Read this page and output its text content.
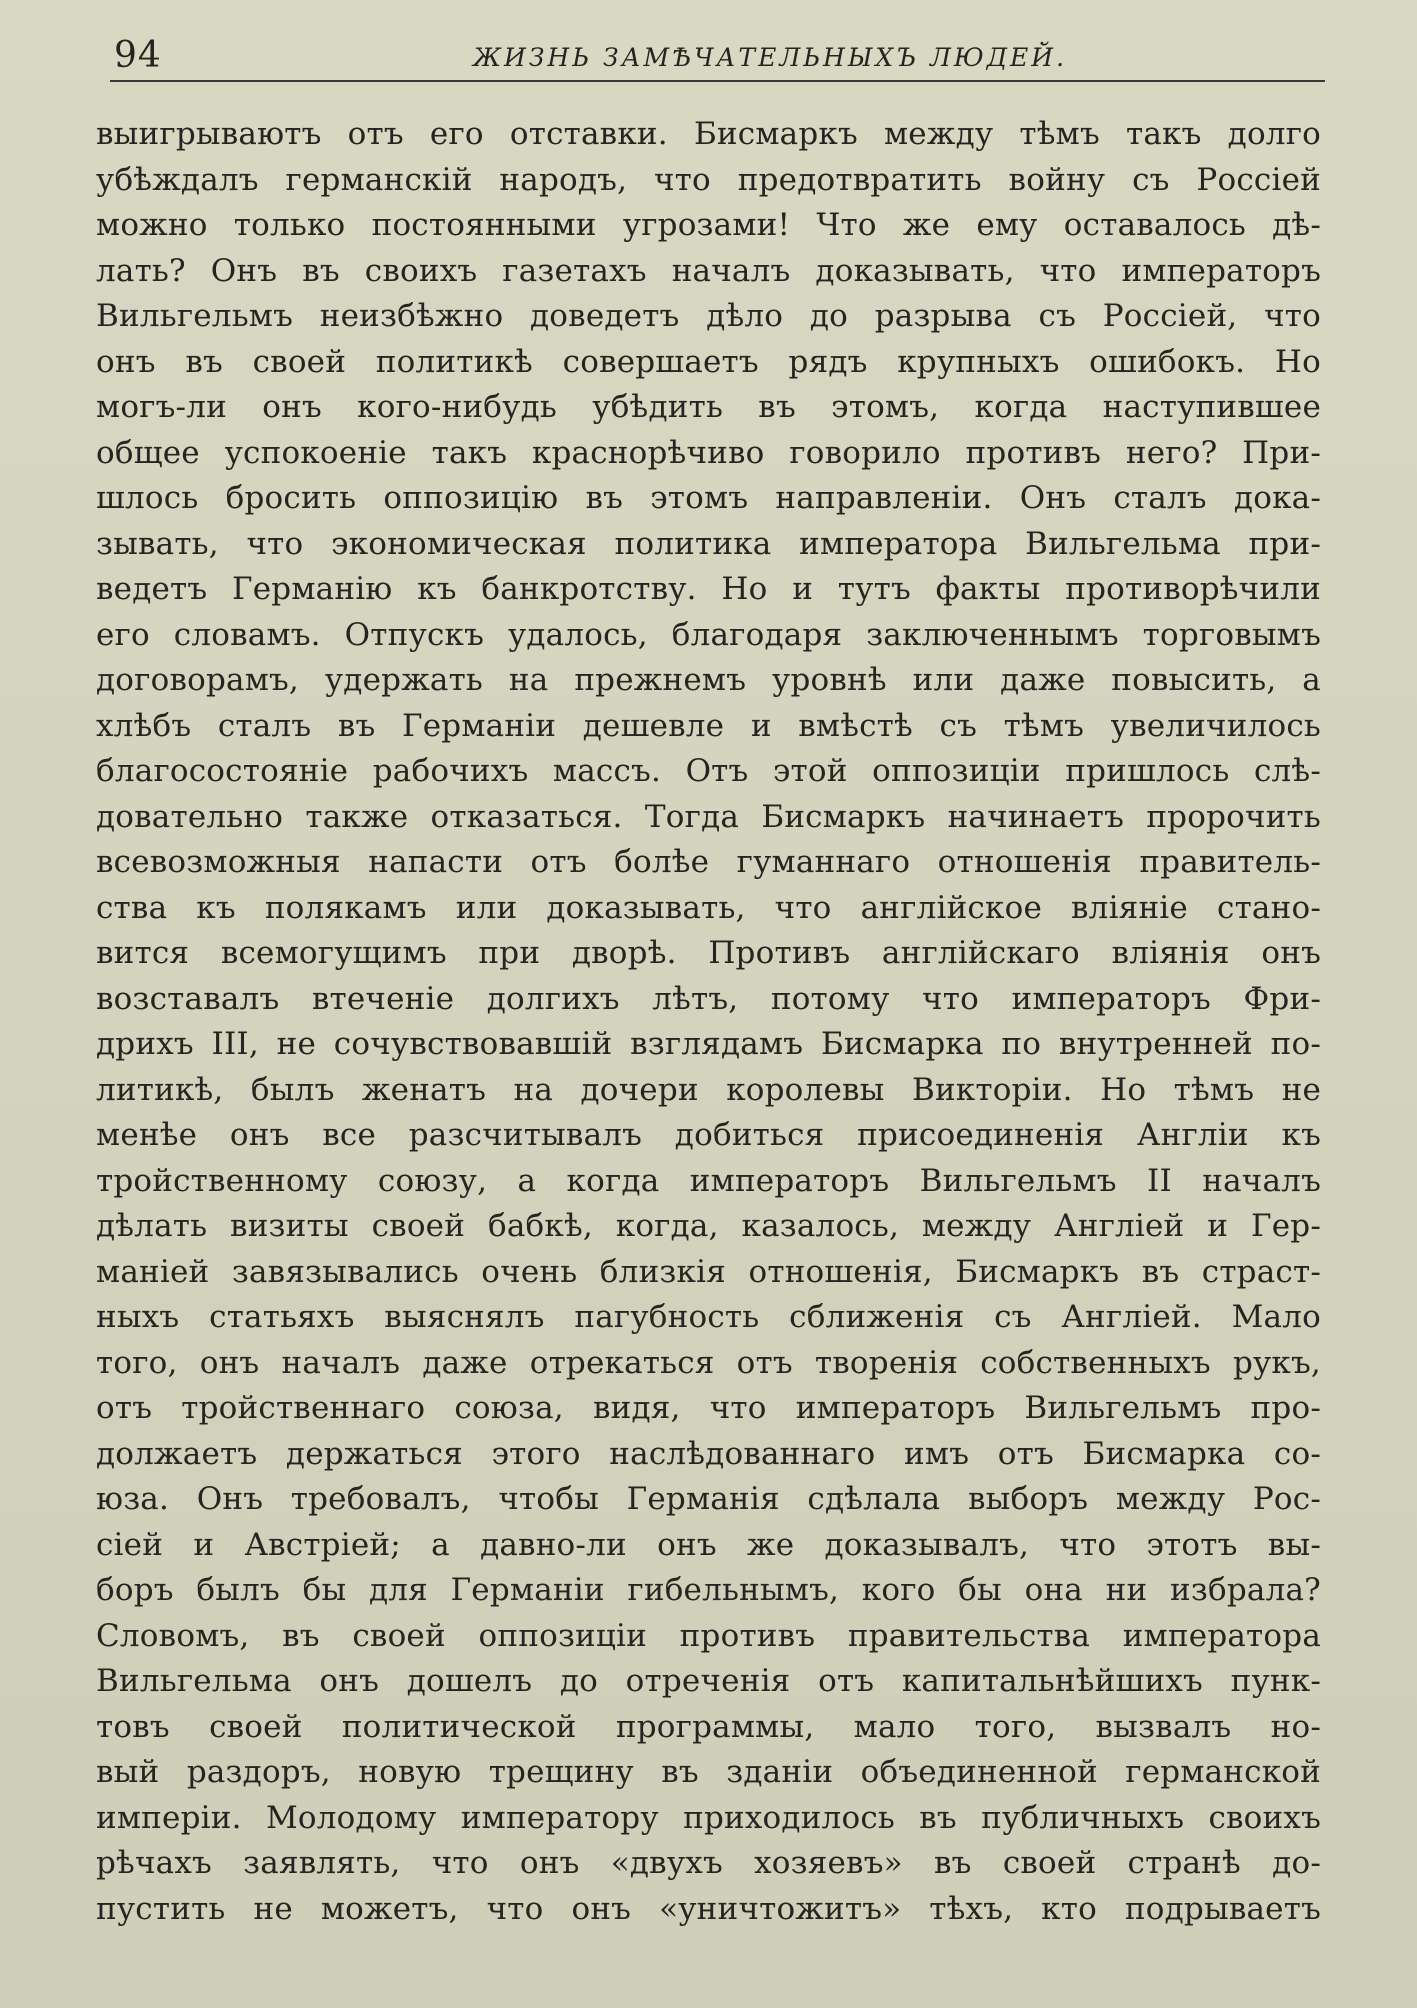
94	ЖИЗНЬ ЗАМѢЧАТЕЛЬНЫХЪ ЛЮДЕЙ.
выигрываютъ отъ его отставки. Бисмаркъ между тѣмъ такъ долго
убѣждалъ германскій народъ, что предотвратить войну съ Россіей
можно только постоянными угрозами! Что же ему оставалось дѣ-
лать? Онъ въ своихъ газетахъ началъ доказывать, что императоръ
Вильгельмъ неизбѣжно доведетъ дѣло до разрыва съ Россіей, что
онъ въ своей политикѣ совершаетъ рядъ крупныхъ ошибокъ. Но
могъ-ли онъ кого-нибудь убѣдить въ этомъ, когда наступившее
общее успокоеніе такъ краснорѣчиво говорило противъ него? При-
шлось бросить оппозицію въ этомъ направленіи. Онъ сталъ дока-
зывать, что экономическая политика императора Вильгельма при-
ведетъ Германію къ банкротству. Но и тутъ факты противорѣчили
его словамъ. Отпускъ удалось, благодаря заключеннымъ торговымъ
договорамъ, удержать на прежнемъ уровнѣ или даже повысить, а
хлѣбъ сталъ въ Германіи дешевле и вмѣстѣ съ тѣмъ увеличилось
благосостояніе рабочихъ массъ. Отъ этой оппозиціи пришлось слѣ-
довательно также отказаться. Тогда Бисмаркъ начинаетъ пророчить
всевозможныя напасти отъ болѣе гуманнаго отношенія правитель-
ства къ полякамъ или доказывать, что англійское вліяніе стано-
вится всемогущимъ при дворѣ. Противъ англійскаго вліянія онъ
возставалъ втеченіе долгихъ лѣтъ, потому что императоръ Фри-
дрихъ III, не сочувствовавшій взглядамъ Бисмарка по внутренней по-
литикѣ, былъ женатъ на дочери королевы Викторіи. Но тѣмъ не
менѣе онъ все разсчитывалъ добиться присоединенія Англіи къ
тройственному союзу, а когда императоръ Вильгельмъ II началъ
дѣлать визиты своей бабкѣ, когда, казалось, между Англіей и Гер-
маніей завязывались очень близкія отношенія, Бисмаркъ въ страст-
ныхъ статьяхъ выяснялъ пагубность сближенія съ Англіей. Мало
того, онъ началъ даже отрекаться отъ творенія собственныхъ рукъ,
отъ тройственнаго союза, видя, что императоръ Вильгельмъ про-
должаетъ держаться этого наслѣдованнаго имъ отъ Бисмарка со-
юза. Онъ требовалъ, чтобы Германія сдѣлала выборъ между Рос-
сіей и Австріей; а давно-ли онъ же доказывалъ, что этотъ вы-
боръ былъ бы для Германіи гибельнымъ, кого бы она ни избрала?
Словомъ, въ своей оппозиціи противъ правительства императора
Вильгельма онъ дошелъ до отреченія отъ капитальнѣйшихъ пунк-
товъ своей политической программы, мало того, вызвалъ но-
вый раздоръ, новую трещину въ зданіи объединенной германской
имперіи. Молодому императору приходилось въ публичныхъ своихъ
рѣчахъ заявлять, что онъ «двухъ хозяевъ» въ своей странѣ до-
пустить не можетъ, что онъ «уничтожитъ» тѣхъ, кто подрываетъ
